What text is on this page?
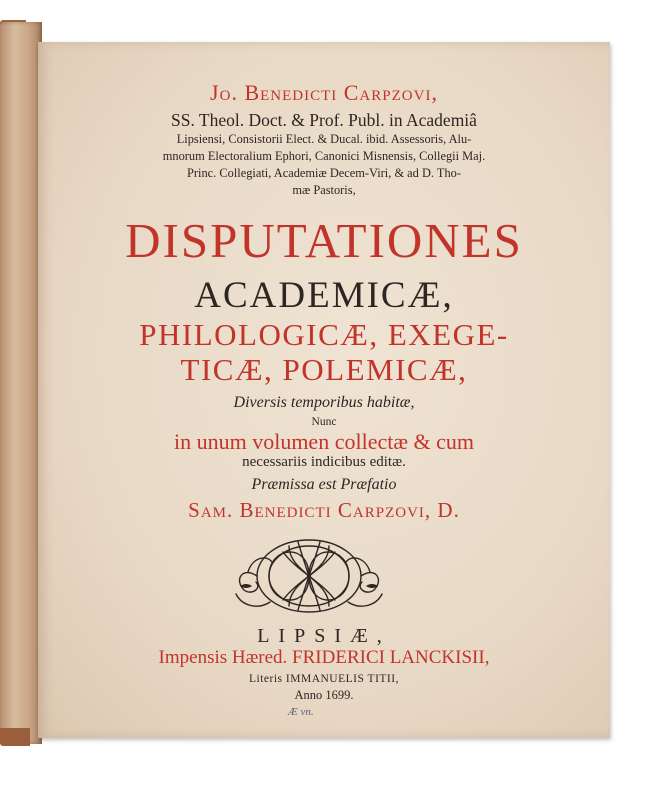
Jo. Benedicti Carpzovi,
SS. Theol. Doct. & Prof. Publ. in Academiâ
Lipsiensi, Consistorii Elect. & Ducal. ibid. Assessoris, Alu-
mnorum Electoralium Ephori, Canonici Misnensis, Collegii Maj.
Princ. Collegiati, Academiæ Decem-Viri, & ad D. Tho-
mæ Pastoris,
DISPUTATIONES
ACADEMICÆ,
PHILOLOGICÆ, EXEGE-
TICÆ, POLEMICÆ,
Diversis temporibus habitæ,
Nunc
in unum volumen collectæ & cum
necessariis indicibus editæ.
Præmissa est Præfatio
Sam. Benedicti Carpzovi, D.
LIPSIÆ,
Impensis Hæred. FRIDERICI LANCKISII,
Literis IMMANUELIS TITII,
Anno 1699.
Æ vn.
